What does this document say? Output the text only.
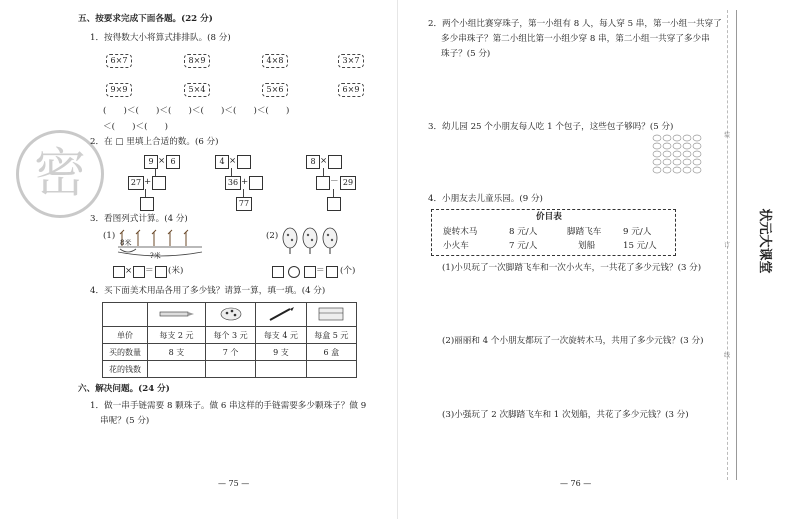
五、按要求完成下面各题。(22 分)
1．按得数大小将算式排排队。(8 分)
6×7	8×9	4×8	3×7
9×9	5×4	5×6	6×9
(　　)＜(　　)＜(　　)＜(　　)＜(　　)＜(　　)
＜(　　)＜(　　)
密
2．在 □ 里填上合适的数。(6 分)
9 × 6
27 +
4 ×
36 +
77
8 ×
－ 29
3．看图列式计算。(4 分)
(1)
8米
?米
(2)
× ＝ (米)	＝ (个)
4．买下面美术用品各用了多少钱？请算一算，填一填。(4 分)

单价	每支 2 元	每个 3 元	每支 4 元	每盒 5 元
买的数量	8 支	7 个	9 支	6 盒
花的钱数				
六、解决问题。(24 分)
1．做一串手链需要 8 颗珠子。做 6 串这样的手链需要多少颗珠子？做 9
串呢？(5 分)
— 75 —
2．两个小组比赛穿珠子，第一小组有 8 人，每人穿 5 串，第一小组一共穿了
多少串珠子？第二小组比第一小组少穿 8 串，第二小组一共穿了多少串
珠子？(5 分)
3．幼儿园 25 个小朋友每人吃 1 个包子，这些包子够吗？(5 分)
4．小朋友去儿童乐园。(9 分)
价目表
旋转木马	8 元/人	脚踏飞车	9 元/人
小火车	7 元/人	划船	15 元/人
(1)小贝玩了一次脚踏飞车和一次小火车，一共花了多少元钱？(3 分)
(2)丽丽和 4 个小朋友都玩了一次旋转木马，共用了多少元钱？(3 分)
(3)小强玩了 2 次脚踏飞车和 1 次划船，共花了多少元钱？(3 分)
— 76 —
装
订
线
状元大课堂
